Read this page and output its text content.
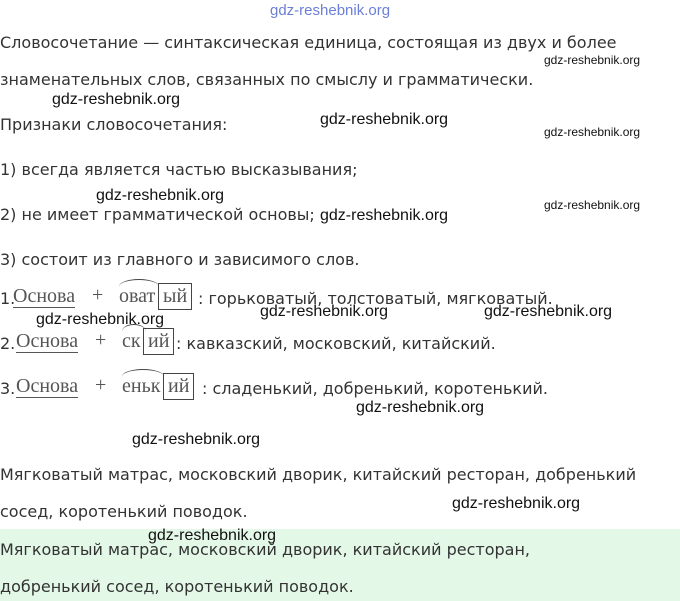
gdz-reshebnik.org
Словосочетание — синтаксическая единица, состоящая из двух и более
gdz-reshebnik.org
знаменательных слов, связанных по смыслу и грамматически.
gdz-reshebnik.org
Признаки словосочетания:	gdz-reshebnik.org
gdz-reshebnik.org
1) всегда является частью высказывания;
gdz-reshebnik.org
gdz-reshebnik.org
2) не имеет грамматической основы; gdz-reshebnik.org
3) состоит из главного и зависимого слов.
1.
Основа + оват ый : горьковатый, толстоватый, мягковатый.
gdz-reshebnik.org	gdz-reshebnik.org	gdz-reshebnik.org
2. Основа + ск ий : кавказский, московский, китайский.
3. Основа + еньк ий : сладенький, добренький, коротенький.
gdz-reshebnik.org
gdz-reshebnik.org
Мягковатый матрас, московский дворик, китайский ресторан, добренький
gdz-reshebnik.org
сосед, коротенький поводок.
gdz-reshebnik.org
Мягковатый матрас, московский дворик, китайский ресторан,
добренький сосед, коротенький поводок.
